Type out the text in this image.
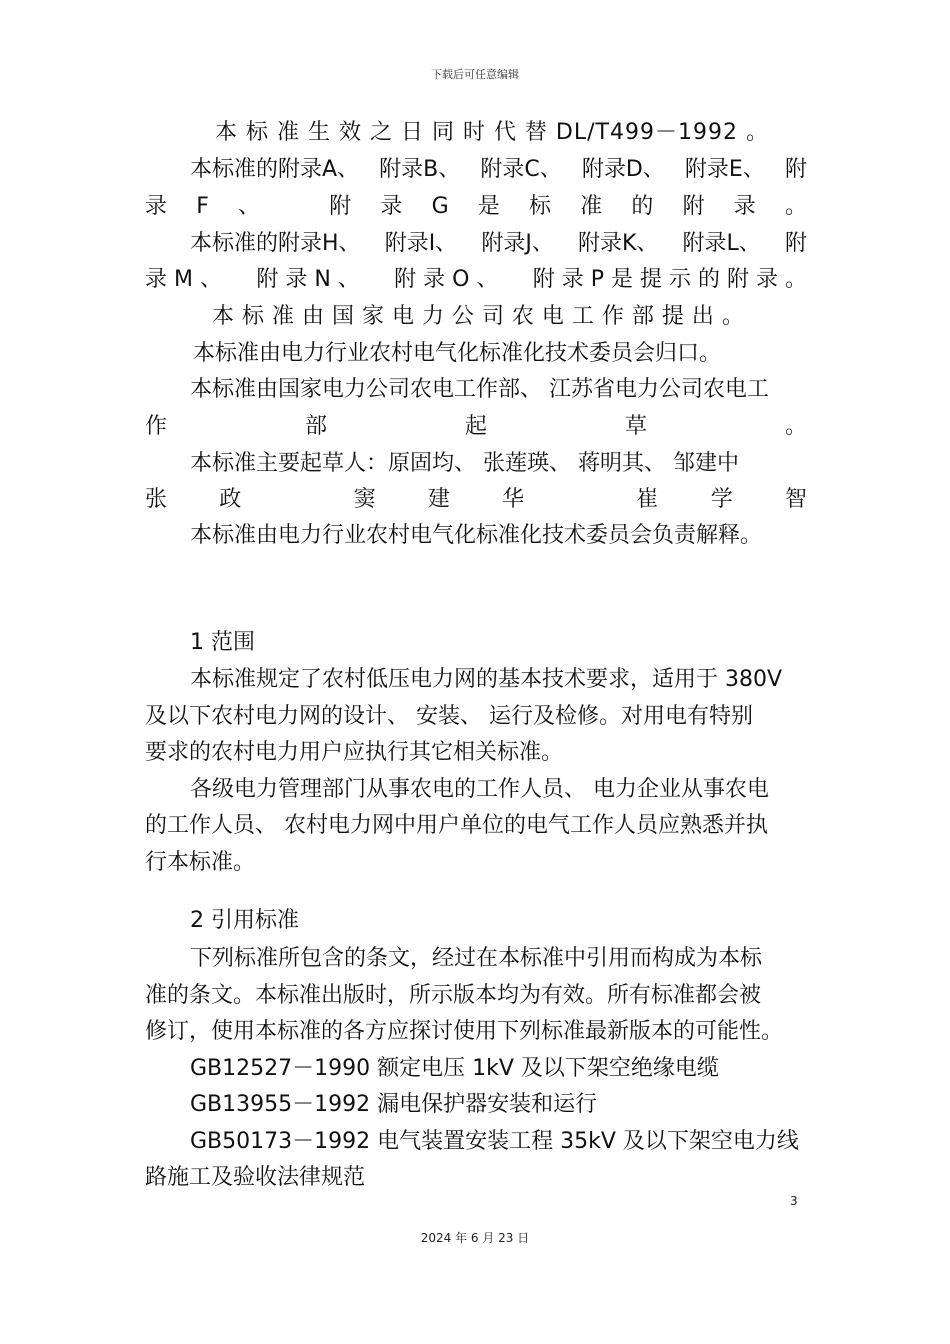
下载后可任意编辑
本 标 准 生 效 之 日 同 时 代 替 DL/T499－1992 。
本标准的附录A、 附录B、 附录C、 附录D、 附录E、 附
录 F 、	附 录 G 是 标 准 的 附 录 。
本标准的附录H、 附录I、 附录J、 附录K、 附录L、 附
录 M 、 附 录 N 、 附 录 O 、 附 录 P 是 提 示 的 附 录 。
本 标 准 由 国 家 电 力 公 司 农 电 工 作 部 提 出 。
本标准由电力行业农村电气化标准化技术委员会归口。
本标准由国家电力公司农电工作部、 江苏省电力公司农电工
作	部	起	草	。
本标准主要起草人：原固均、 张莲瑛、 蒋明其、 邹建中
张 政	窦 建 华	崔 学 智
本标准由电力行业农村电气化标准化技术委员会负责解释。
1 范围
本标准规定了农村低压电力网的基本技术要求，适用于 380V
及以下农村电力网的设计、 安装、 运行及检修。对用电有特别
要求的农村电力用户应执行其它相关标准。
各级电力管理部门从事农电的工作人员、 电力企业从事农电
的工作人员、 农村电力网中用户单位的电气工作人员应熟悉并执
行本标准。
2 引用标准
下列标准所包含的条文，经过在本标准中引用而构成为本标
准的条文。本标准出版时，所示版本均为有效。所有标准都会被
修订，使用本标准的各方应探讨使用下列标准最新版本的可能性。
GB12527－1990 额定电压 1kV 及以下架空绝缘电缆
GB13955－1992 漏电保护器安装和运行
GB50173－1992 电气装置安装工程 35kV 及以下架空电力线
路施工及验收法律规范
3
2024 年 6 月 23 日
